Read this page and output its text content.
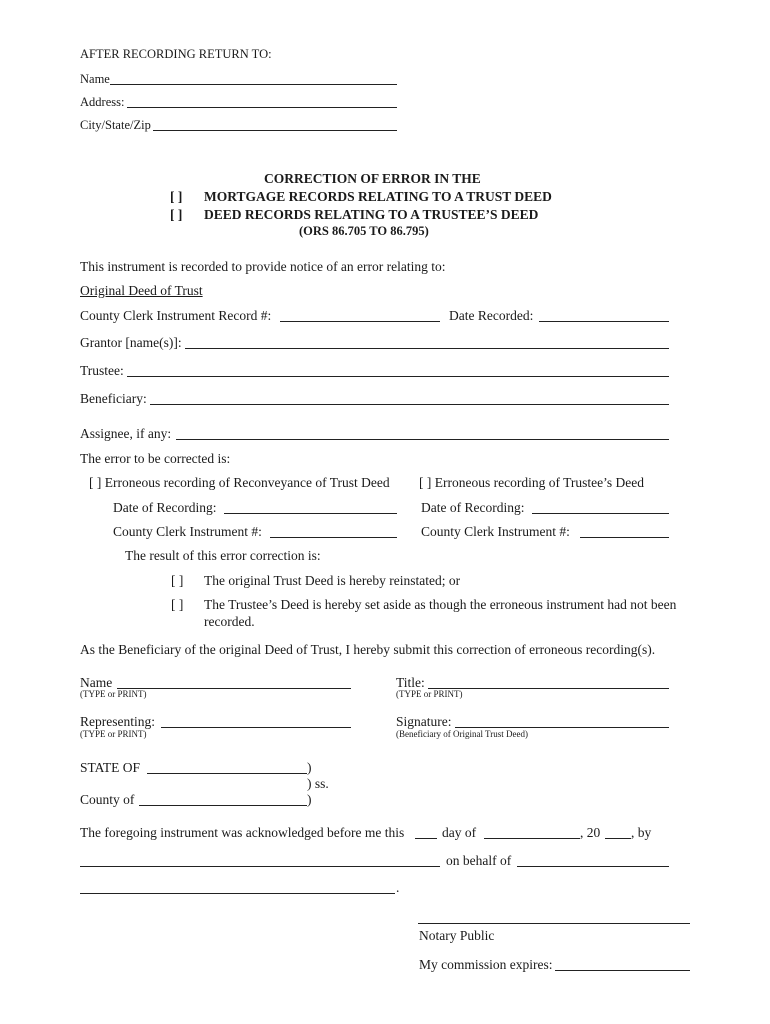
AFTER RECORDING RETURN TO:
Name
Address:
City/State/Zip
CORRECTION OF ERROR IN THE
[ ] MORTGAGE RECORDS RELATING TO A TRUST DEED
[ ] DEED RECORDS RELATING TO A TRUSTEE’S DEED
(ORS 86.705 TO 86.795)
This instrument is recorded to provide notice of an error relating to:
Original Deed of Trust
County Clerk Instrument Record #:	Date Recorded:
Grantor [name(s)]:
Trustee:
Beneficiary:
Assignee, if any:
The error to be corrected is:
[ ] Erroneous recording of Reconveyance of Trust Deed [ ] Erroneous recording of Trustee’s Deed
Date of Recording:	Date of Recording:
County Clerk Instrument #:	County Clerk Instrument #:
The result of this error correction is:
[ ] The original Trust Deed is hereby reinstated; or
[ ] The Trustee’s Deed is hereby set aside as though the erroneous instrument had not been
recorded.
As the Beneficiary of the original Deed of Trust, I hereby submit this correction of erroneous recording(s).
Name
(TYPE or PRINT)
Title:
(TYPE or PRINT)
Representing:
(TYPE or PRINT)
Signature:
(Beneficiary of Original Trust Deed)
STATE OF	)
) ss.
County of	)
The foregoing instrument was acknowledged before me this	day of	, 20 , by
on behalf of
.
Notary Public
My commission expires:
